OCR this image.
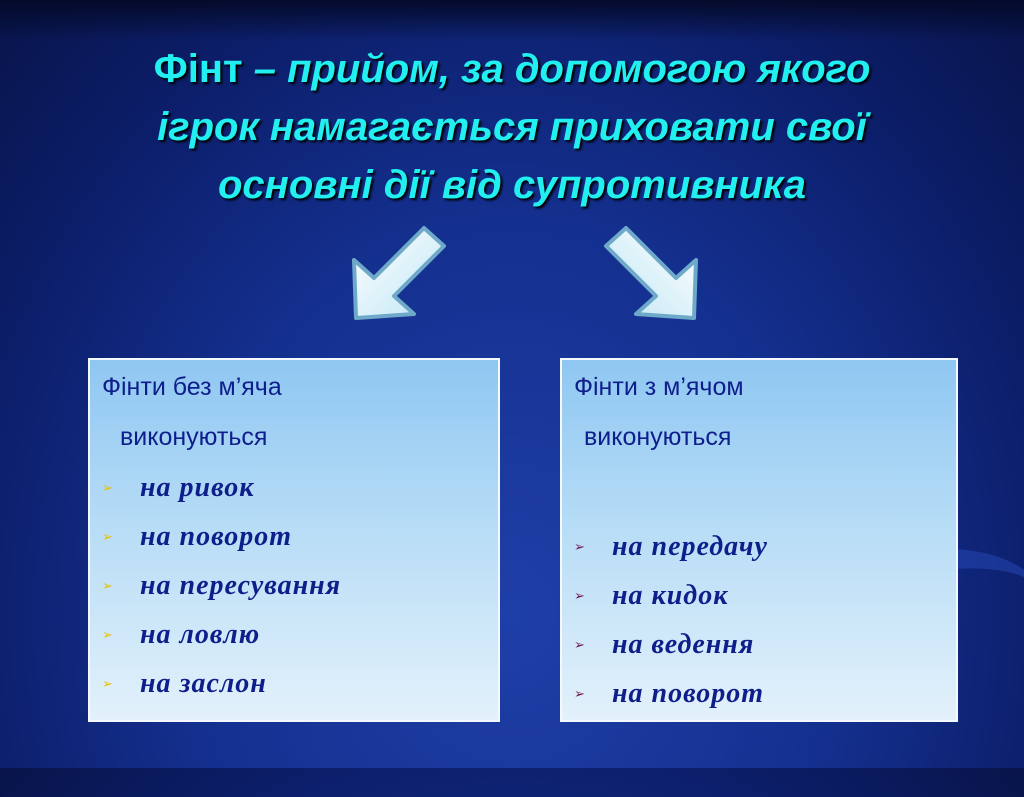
Фінт – прийом, за допомогою якого
ігрок намагається приховати свої
основні дії від супротивника
Фінти без м’яча
виконуються
➢ на ривок
➢ на поворот
➢ на пересування
➢ на ловлю
➢ на заслон
Фінти з м’ячом
виконуються
➢ на передачу
➢ на кидок
➢ на ведення
➢ на поворот
